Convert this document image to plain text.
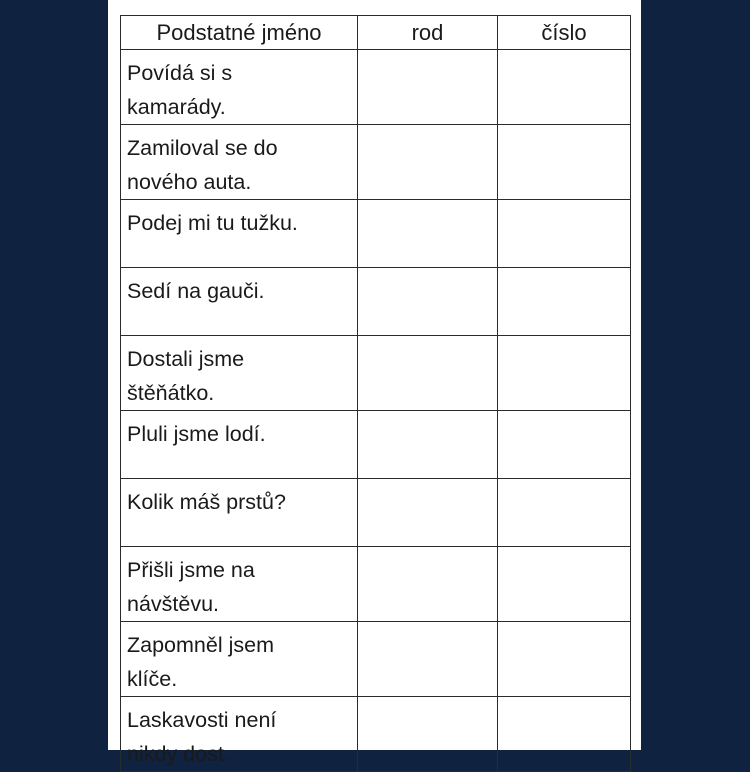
Podstatné jméno	rod	číslo

Povídá si s kamarády.		

Zamiloval se do nového auta.		

Podej mi tu tužku.		

Sedí na gauči.		

Dostali jsme štěňátko.		

Pluli jsme lodí.		

Kolik máš prstů?		

Přišli jsme na návštěvu.		

Zapomněl jsem klíče.		

Laskavosti není nikdy dost.		
